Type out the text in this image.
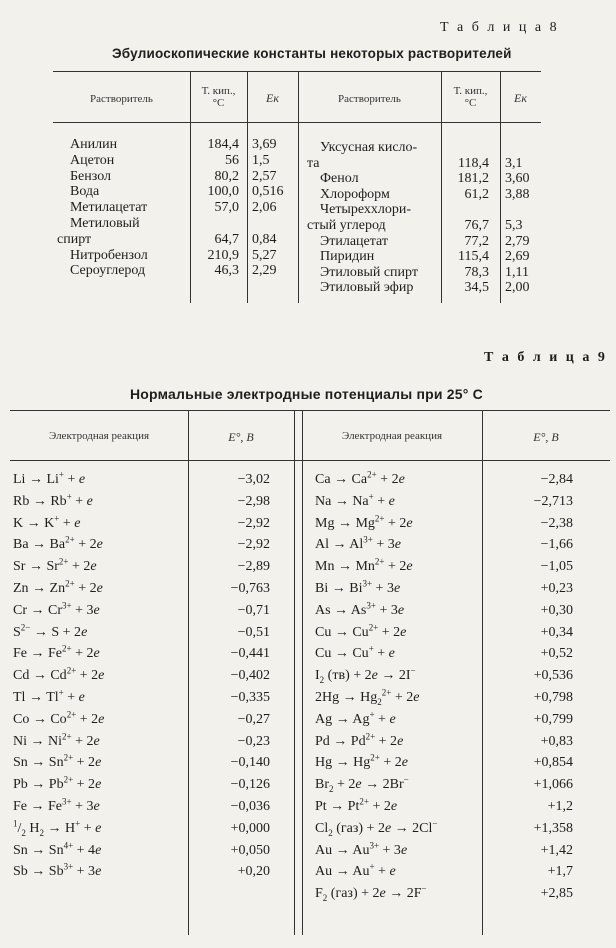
Т а б л и ц а 8
Эбулиоскопические константы некоторых растворителей
Растворитель
Т. кип.,
°С	Eк	Растворитель
Т. кип.,
°С	Eк
Анилин	184,4 3,69
Ацетон	56 1,5
Бензол	80,2 2,57
Вода	100,0 0,516
Метилацетат	57,0 2,06
Метиловый
спирт	64,7 0,84
Нитробензол	210,9 5,27
Сероуглерод	46,3 2,29
Уксусная кисло-
та	118,4 3,1
Фенол	181,2 3,60
Хлороформ	61,2 3,88
Четыреххлори-
стый углерод	76,7 5,3
Этилацетат	77,2 2,79
Пиридин	115,4 2,69
Этиловый спирт	78,3 1,11
Этиловый эфир	34,5 2,00
Т а б л и ц а 9
Нормальные электродные потенциалы при 25° С
Электродная реакция	E°, В	Электродная реакция	E°, В
Li → Li+ + e	−3,02
Rb → Rb+ + e	−2,98
K → K+ + e	−2,92
$Ba \to Ba^{2+} + 2e$	−2,92
$Sr \to Sr^{2+} + 2e$	−2,89
$Zn \to Zn^{2+} + 2e$	−0,763
$Cr \to Cr^{3+} + 3e$	−0,71
$S^{2-} \to S + 2e$	−0,51
$Fe \to Fe^{2+} + 2e$	−0,441
$Cd \to Cd^{2+} + 2e$	−0,402
Tl → Tl+ + e	−0,335
$Co \to Co^{2+} + 2e$	−0,27
$Ni \to Ni^{2+} + 2e$	−0,23
$Sn \to Sn^{2+} + 2e$	−0,140
$Pb \to Pb^{2+} + 2e$	−0,126
$Fe \to Fe^{3+} + 3e$	−0,036
$^1/_2$ $H_2 \to H^+ + e$	+0,000
$Sn \to Sn^{4+} + 4e$	+0,050
$Sb \to Sb^{3+} + 3e$	+0,20
$Ca \to Ca^{2+} + 2e$	−2,84
Na → Na+ + e	−2,713
$Mg \to Mg^{2+} + 2e$	−2,38
$Al \to Al^{3+} + 3e$	−1,66
$Mn \to Mn^{2+} + 2e$	−1,05
$Bi \to Bi^{3+} + 3e$	+0,23
$As \to As^{3+} + 3e$	+0,30
$Cu \to Cu^{2+} + 2e$	+0,34
Cu → Cu+ + e	+0,52
$I_2$ (тв) + 2e → 2I−	+0,536
$2Hg \to Hg_2^{2+} + 2e$	+0,798
Ag → Ag+ + e	+0,799
$Pd \to Pd^{2+} + 2e$	+0,83
$Hg \to Hg^{2+} + 2e$	+0,854
$Br_2 + 2e \to 2Br^-$	+1,066
$Pt \to Pt^{2+} + 2e$	+1,2
$Cl_2$ (газ) + 2e → 2Cl−	+1,358
$Au \to Au^{3+} + 3e$	+1,42
Au → Au+ + e	+1,7
$F_2$ (газ) + 2e → 2F−	+2,85
